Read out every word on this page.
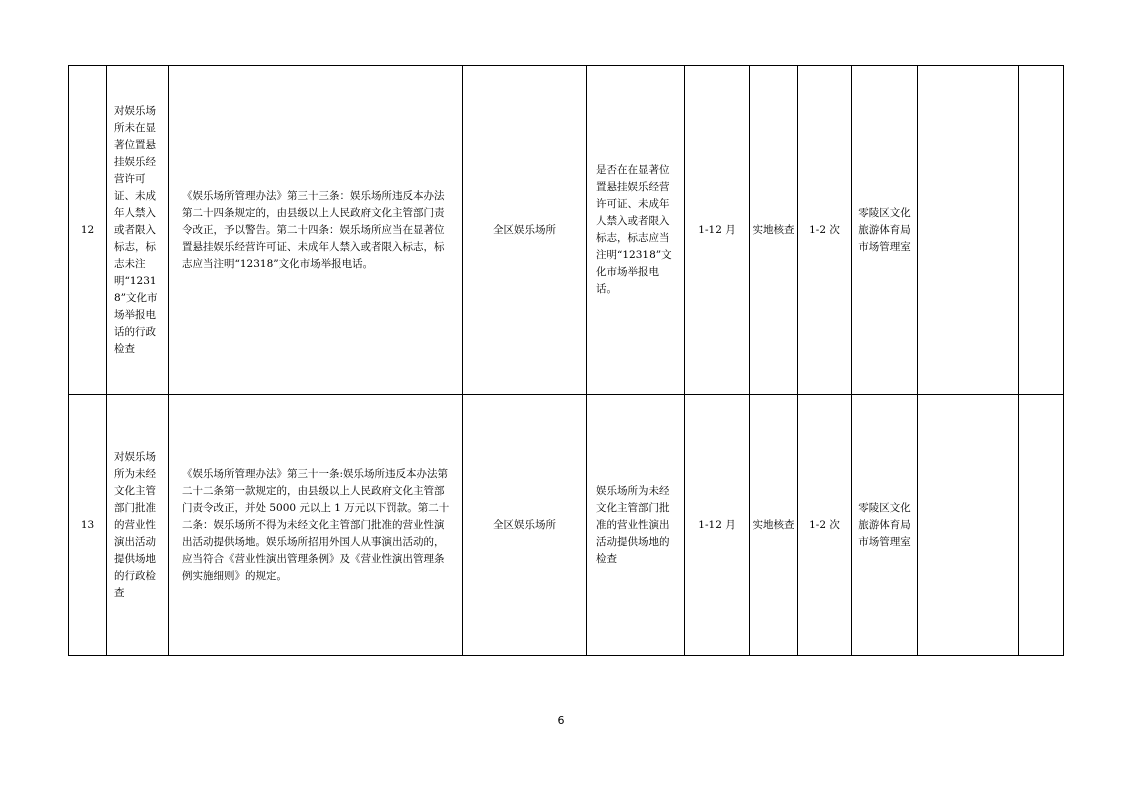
12	对娱乐场所未在显著位置悬挂娱乐经营许可证、未成年人禁入或者限入标志，标志未注明“12318”文化市场举报电话的行政检查	《娱乐场所管理办法》第三十三条：娱乐场所违反本办法第二十四条规定的，由县级以上人民政府文化主管部门责令改正，予以警告。第二十四条：娱乐场所应当在显著位置悬挂娱乐经营许可证、未成年人禁入或者限入标志，标志应当注明“12318”文化市场举报电话。	全区娱乐场所	是否在在显著位置悬挂娱乐经营许可证、未成年人禁入或者限入标志，标志应当注明“12318”文化市场举报电话。	1-12 月	实地核查	1-2 次	零陵区文化旅游体育局市场管理室		
13	对娱乐场所为未经文化主管部门批准的营业性演出活动提供场地的行政检查	《娱乐场所管理办法》第三十一条:娱乐场所违反本办法第二十二条第一款规定的，由县级以上人民政府文化主管部门责令改正，并处 5000 元以上 1 万元以下罚款。第二十二条：娱乐场所不得为未经文化主管部门批准的营业性演出活动提供场地。娱乐场所招用外国人从事演出活动的，应当符合《营业性演出管理条例》及《营业性演出管理条例实施细则》的规定。	全区娱乐场所	娱乐场所为未经文化主管部门批准的营业性演出活动提供场地的检查	1-12 月	实地核查	1-2 次	零陵区文化旅游体育局市场管理室		
6
